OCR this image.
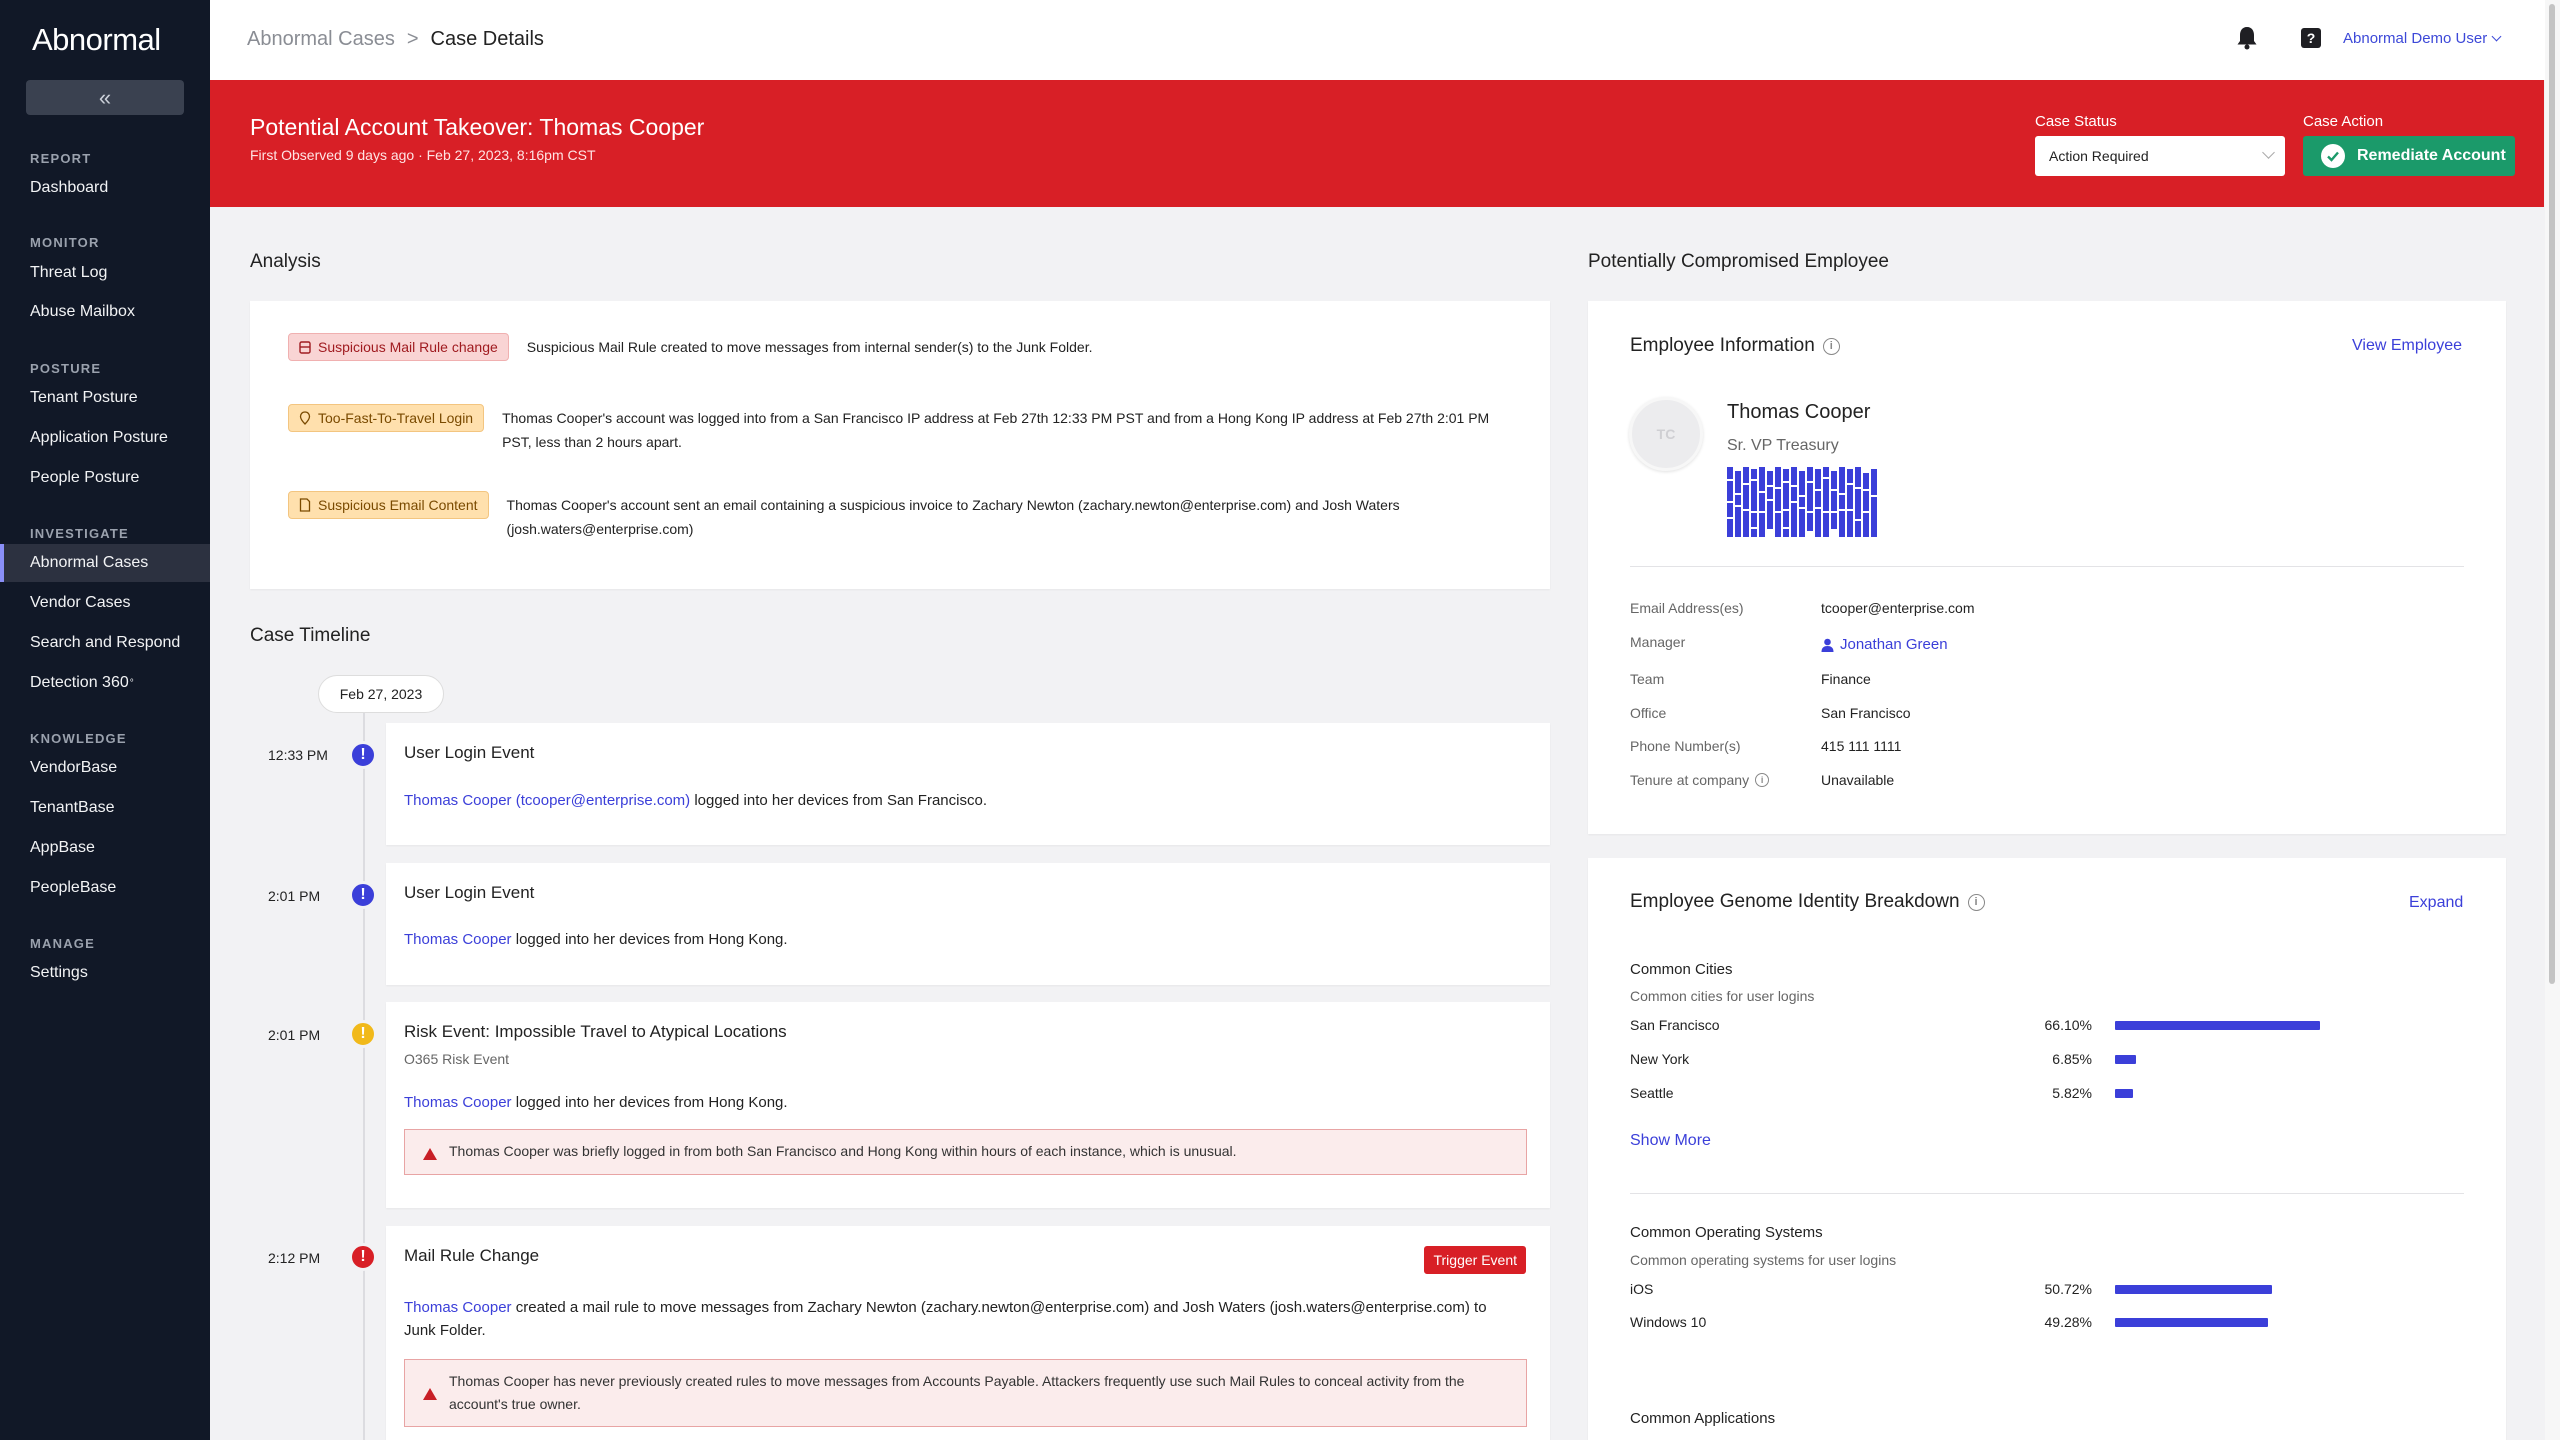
Abnormal
«
REPORT
Dashboard
MONITOR
Threat Log
Abuse Mailbox
POSTURE
Tenant Posture
Application Posture
People Posture
INVESTIGATE
Abnormal Cases
Vendor Cases
Search and Respond
Detection 360 °
KNOWLEDGE
VendorBase
TenantBase
AppBase
PeopleBase
MANAGE
Settings
Abnormal Cases > Case Details	?	Abnormal Demo User
Potential Account Takeover: Thomas Cooper
First Observed 9 days ago · Feb 27, 2023, 8:16pm CST
Case Status
Action Required
Case Action
Remediate Account
Analysis
Suspicious Mail Rule change Suspicious Mail Rule created to move messages from internal sender(s) to the Junk Folder.
Too-Fast-To-Travel Login Thomas Cooper's account was logged into from a San Francisco IP address at Feb 27th 12:33 PM PST and from a Hong Kong IP address at Feb 27th 2:01 PM PST, less than 2 hours apart.
Suspicious Email Content Thomas Cooper's account sent an email containing a suspicious invoice to Zachary Newton (zachary.newton@enterprise.com) and Josh Waters (josh.waters@enterprise.com)
Case Timeline
Feb 27, 2023
12:33 PM	!	User Login Event
Thomas Cooper (tcooper@enterprise.com) logged into her devices from San Francisco.
2:01 PM	!	User Login Event
Thomas Cooper logged into her devices from Hong Kong.
2:01 PM	!	Risk Event: Impossible Travel to Atypical Locations
O365 Risk Event
Thomas Cooper logged into her devices from Hong Kong.
Thomas Cooper was briefly logged in from both San Francisco and Hong Kong within hours of each instance, which is unusual.
2:12 PM	!	Mail Rule Change	Trigger Event
Thomas Cooper created a mail rule to move messages from Zachary Newton (zachary.newton@enterprise.com) and Josh Waters (josh.waters@enterprise.com) to Junk Folder.
Thomas Cooper has never previously created rules to move messages from Accounts Payable. Attackers frequently use such Mail Rules to conceal activity from the account's true owner.
Potentially Compromised Employee
Employee Information	i	View Employee
TC
Thomas Cooper
Sr. VP Treasury
Email Address(es)	tcooper@enterprise.com
Manager	Jonathan Green
Team	Finance
Office	San Francisco
Phone Number(s)	415 111 1111
Tenure at company	i	Unavailable
Employee Genome Identity Breakdown	i	Expand
Common Cities
Common cities for user logins
San Francisco	66.10%
New York	6.85%
Seattle	5.82%
Show More
Common Operating Systems
Common operating systems for user logins
iOS	50.72%
Windows 10	49.28%
Common Applications
